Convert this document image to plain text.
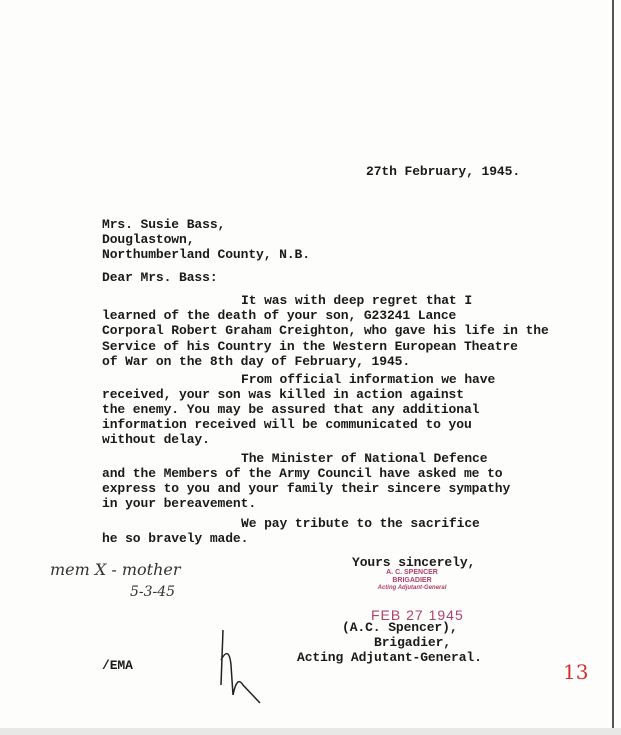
27th February, 1945.
Mrs. Susie Bass,
Douglastown,
Northumberland County, N.B.
Dear Mrs. Bass:
It was with deep regret that I
learned of the death of your son, G23241 Lance
Corporal Robert Graham Creighton, who gave his life in the
Service of his Country in the Western European Theatre
of War on the 8th day of February, 1945.
From official information we have
received, your son was killed in action against
the enemy. You may be assured that any additional
information received will be communicated to you
without delay.
The Minister of National Defence
and the Members of the Army Council have asked me to
express to you and your family their sincere sympathy
in your bereavement.
We pay tribute to the sacrifice
he so bravely made.
Yours sincerely,
A. C. SPENCER
BRIGADIER
Acting Adjutant-General
FEB 27 1945
(A.C. Spencer),
Brigadier,
Acting Adjutant-General.
/EMA
mem X - mother
5-3-45
13
